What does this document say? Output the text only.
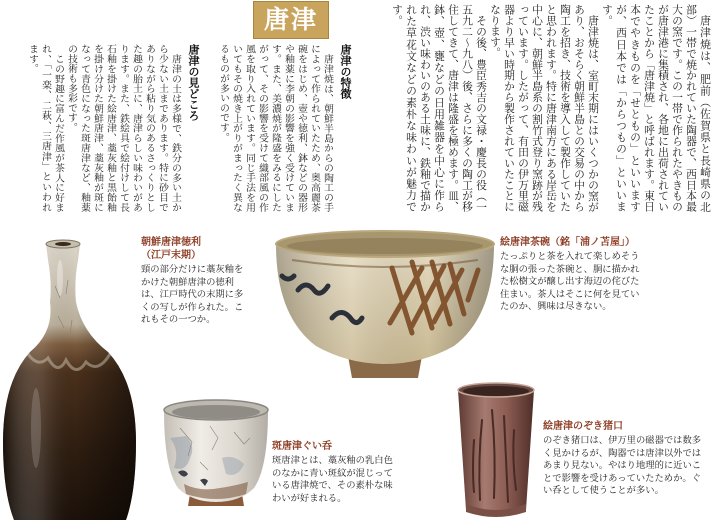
唐津	唐津焼は、肥前（佐賀県と長崎県の北部）一帯で焼かれていた陶器で、西日本最大の窯です。この一帯で作られたやきものが唐津港に集積され、各地に出荷されていたことから「唐津焼」と呼ばれます。東日本でやきものを「せともの」といいますが、西日本では「からつもの」といいます。

唐津焼は、室町末期にはいくつかの窯があり、おそらく朝鮮半島との交易の中から陶工を招き、技術を導入して製作していたと思われます。特に唐津南方にある岸岳を中心に、朝鮮半島系の割竹式登り窯跡が残っています。したがって、有田の伊万里磁器より早い時期から製作されていたことになります。

その後、豊臣秀吉の文禄・慶長の役（一五九二〜九八）後、さらに多くの陶工が移住してきて、唐津は隆盛を極めます。皿、鉢、壺、甕などの日用雑器を中心に作られ、渋い味わいのある土味に、鉄釉で描かれた草花文などの素朴な味わいが魅力です。

唐津の特徴

唐津焼は、朝鮮半島からの陶工の手によって作られていたため、奥高麗茶碗をはじめ、壺や徳利、鉢などの器形や釉薬に李朝の影響を強く受けています。また、美濃焼が隆盛をみるにしたがって、その影響を受けて織部風の作風を取り入れています。同じ手法を用いてもその焼き上がりがまったく異なるものが多いのです。

唐津の見どころ

唐津の土は多様で、鉄分の多い土から少ない土まであります。特に砂目でありながら粘り気のあるさっくりとした趣の胎土に、唐津らしい味わいがあります。また、鉄絵具で絵付けして長石釉を掛けた絵唐津、藁灰釉と黒飴釉を掛け分けた朝鮮唐津、藁灰釉が斑になって青色になった斑唐津など、釉薬の技術も多彩です。

この野趣に富んだ作風が茶人に好まれ、「一楽、二萩、三唐津」といわれます。

朝鮮唐津徳利
（江戸末期）

頸の部分だけに藁灰釉をかけた朝鮮唐津の徳利は、江戸時代の末期に多くの写しが作られた。これもその一つか。

絵唐津茶碗（銘「浦ノ苫屋」）

たっぷりと茶を入れて楽しめそうな胴の張った茶碗と、胴に描かれた松樹文が醸し出す海辺の侘びた住まい。茶人はそこに何を見ていたのか、興味は尽きない。

斑唐津ぐい呑

斑唐津とは、藁灰釉の乳白色のなかに青い斑紋が混じっている唐津焼で、その素朴な味わいが好まれる。

絵唐津のぞき猪口

のぞき猪口は、伊万里の磁器では数多く見かけるが、陶器では唐津以外ではあまり見ない。やはり地理的に近いことで影響を受けあっていたためか。ぐい呑として使うことが多い。
